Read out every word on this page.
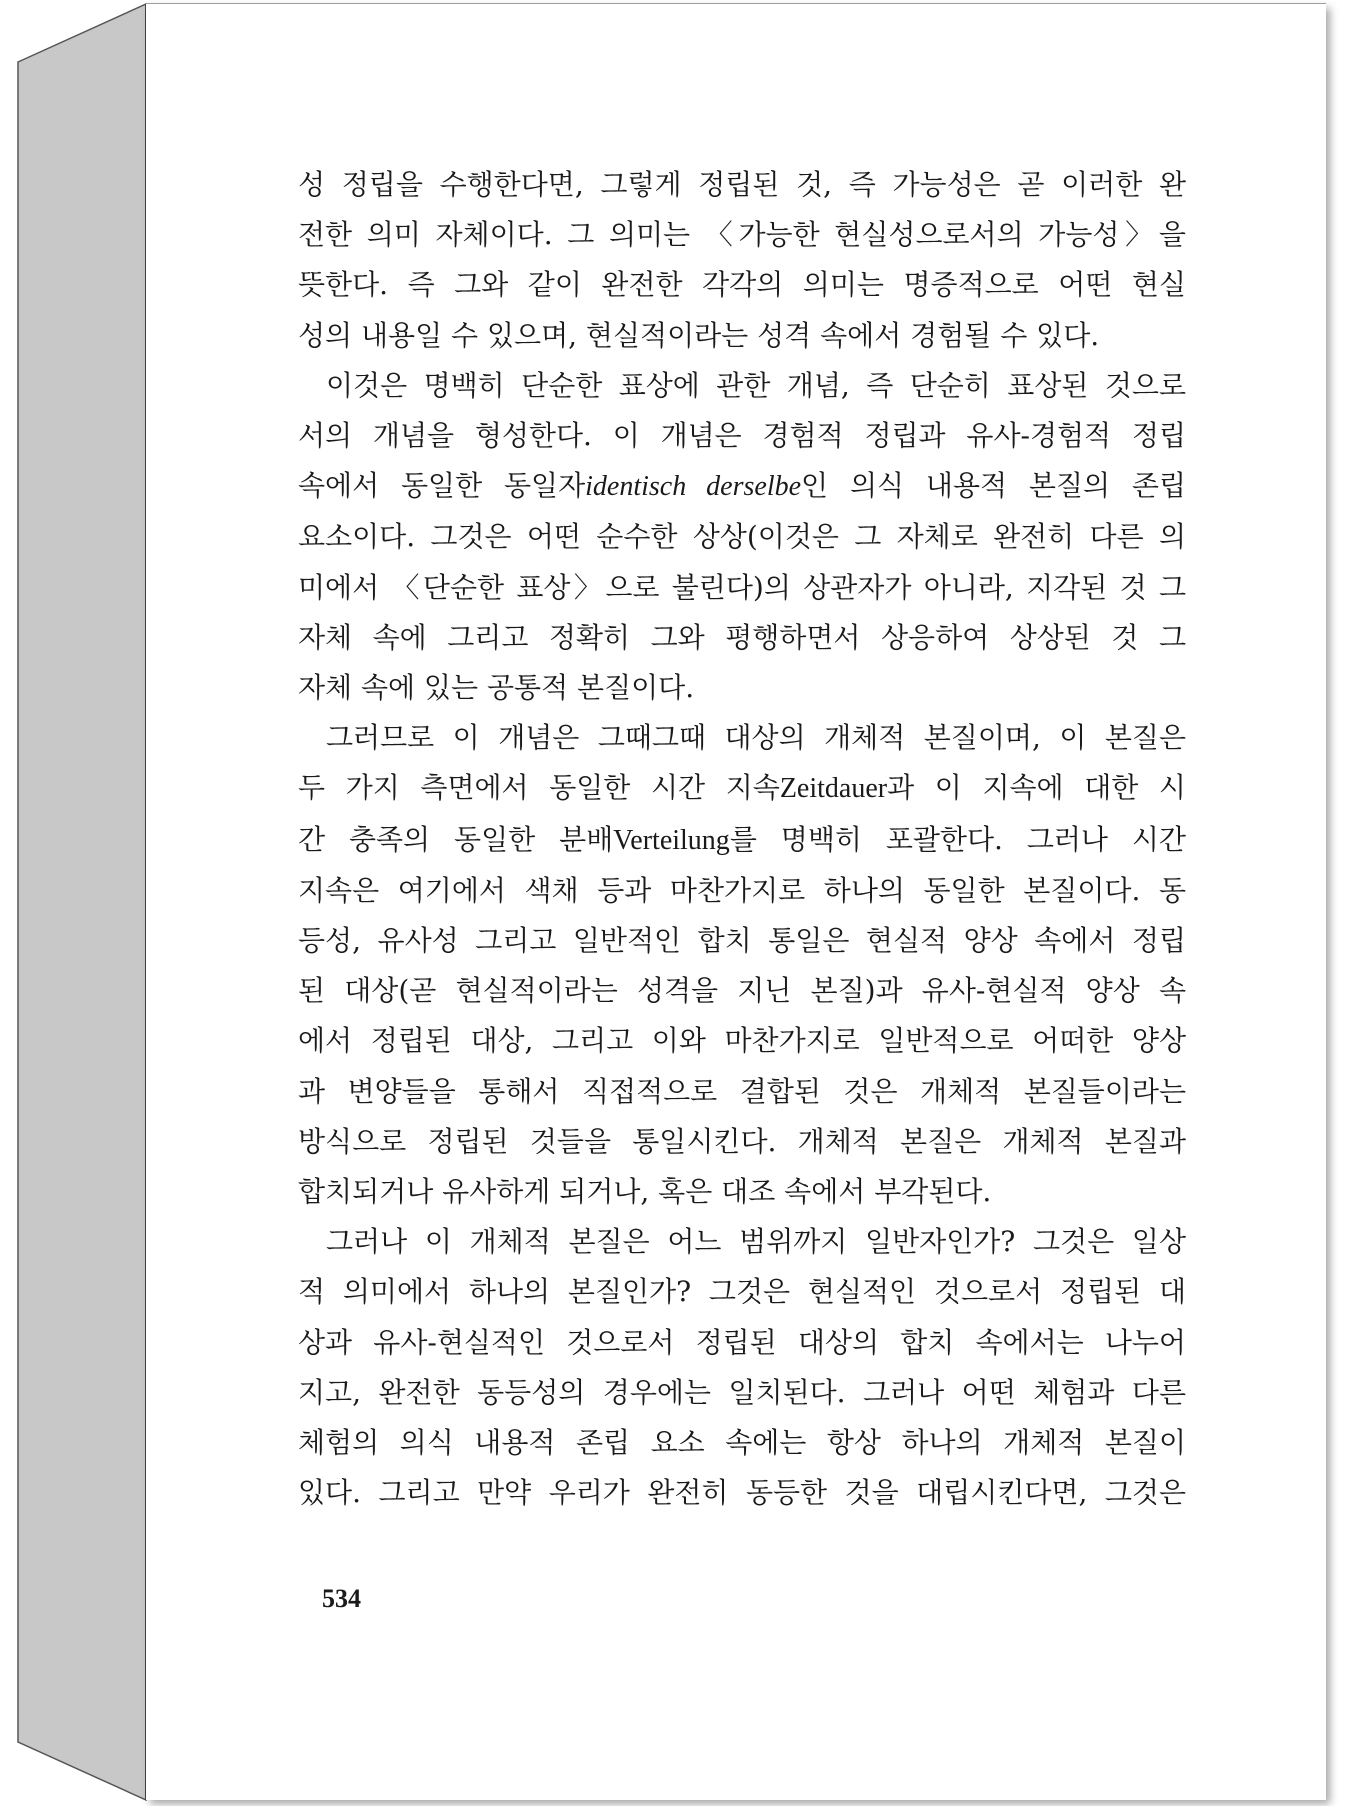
성 정립을 수행한다면, 그렇게 정립된 것, 즉 가능성은 곧 이러한 완
전한 의미 자체이다. 그 의미는 〈가능한 현실성으로서의 가능성〉을
뜻한다. 즉 그와 같이 완전한 각각의 의미는 명증적으로 어떤 현실
성의 내용일 수 있으며, 현실적이라는 성격 속에서 경험될 수 있다.
이것은 명백히 단순한 표상에 관한 개념, 즉 단순히 표상된 것으로
서의 개념을 형성한다. 이 개념은 경험적 정립과 유사-경험적 정립
속에서 동일한 동일자identisch derselbe인 의식 내용적 본질의 존립
요소이다. 그것은 어떤 순수한 상상(이것은 그 자체로 완전히 다른 의
미에서 〈단순한 표상〉으로 불린다)의 상관자가 아니라, 지각된 것 그
자체 속에 그리고 정확히 그와 평행하면서 상응하여 상상된 것 그
자체 속에 있는 공통적 본질이다.
그러므로 이 개념은 그때그때 대상의 개체적 본질이며, 이 본질은
두 가지 측면에서 동일한 시간 지속Zeitdauer과 이 지속에 대한 시
간 충족의 동일한 분배Verteilung를 명백히 포괄한다. 그러나 시간
지속은 여기에서 색채 등과 마찬가지로 하나의 동일한 본질이다. 동
등성, 유사성 그리고 일반적인 합치 통일은 현실적 양상 속에서 정립
된 대상(곧 현실적이라는 성격을 지닌 본질)과 유사-현실적 양상 속
에서 정립된 대상, 그리고 이와 마찬가지로 일반적으로 어떠한 양상
과 변양들을 통해서 직접적으로 결합된 것은 개체적 본질들이라는
방식으로 정립된 것들을 통일시킨다. 개체적 본질은 개체적 본질과
합치되거나 유사하게 되거나, 혹은 대조 속에서 부각된다.
그러나 이 개체적 본질은 어느 범위까지 일반자인가? 그것은 일상
적 의미에서 하나의 본질인가? 그것은 현실적인 것으로서 정립된 대
상과 유사-현실적인 것으로서 정립된 대상의 합치 속에서는 나누어
지고, 완전한 동등성의 경우에는 일치된다. 그러나 어떤 체험과 다른
체험의 의식 내용적 존립 요소 속에는 항상 하나의 개체적 본질이
있다. 그리고 만약 우리가 완전히 동등한 것을 대립시킨다면, 그것은
534
